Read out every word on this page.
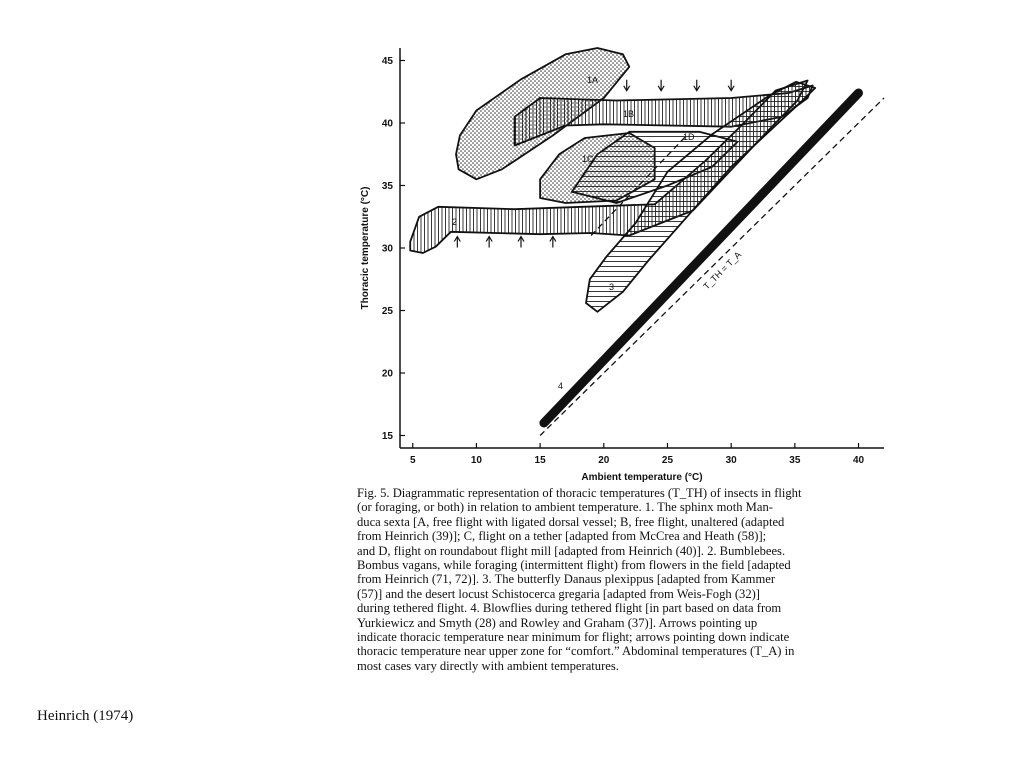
5	10	15	20	25	30	35	40
15
20
25
30
35
40
45
Ambient temperature (°C)
Thoracic temperature (°C)
1A
1B
1C
1D
2
3
4
T_TH = T_A
Fig. 5. Diagrammatic representation of thoracic temperatures (T_TH) of insects in flight
(or foraging, or both) in relation to ambient temperature. 1. The sphinx moth Man-
duca sexta [A, free flight with ligated dorsal vessel; B, free flight, unaltered (adapted
from Heinrich (39)]; C, flight on a tether [adapted from McCrea and Heath (58)];
and D, flight on roundabout flight mill [adapted from Heinrich (40)]. 2. Bumblebees.
Bombus vagans, while foraging (intermittent flight) from flowers in the field [adapted
from Heinrich (71, 72)]. 3. The butterfly Danaus plexippus [adapted from Kammer
(57)] and the desert locust Schistocerca gregaria [adapted from Weis-Fogh (32)]
during tethered flight. 4. Blowflies during tethered flight [in part based on data from
Yurkiewicz and Smyth (28) and Rowley and Graham (37)]. Arrows pointing up
indicate thoracic temperature near minimum for flight; arrows pointing down indicate
thoracic temperature near upper zone for “comfort.” Abdominal temperatures (T_A) in
most cases vary directly with ambient temperatures.
Heinrich (1974)
